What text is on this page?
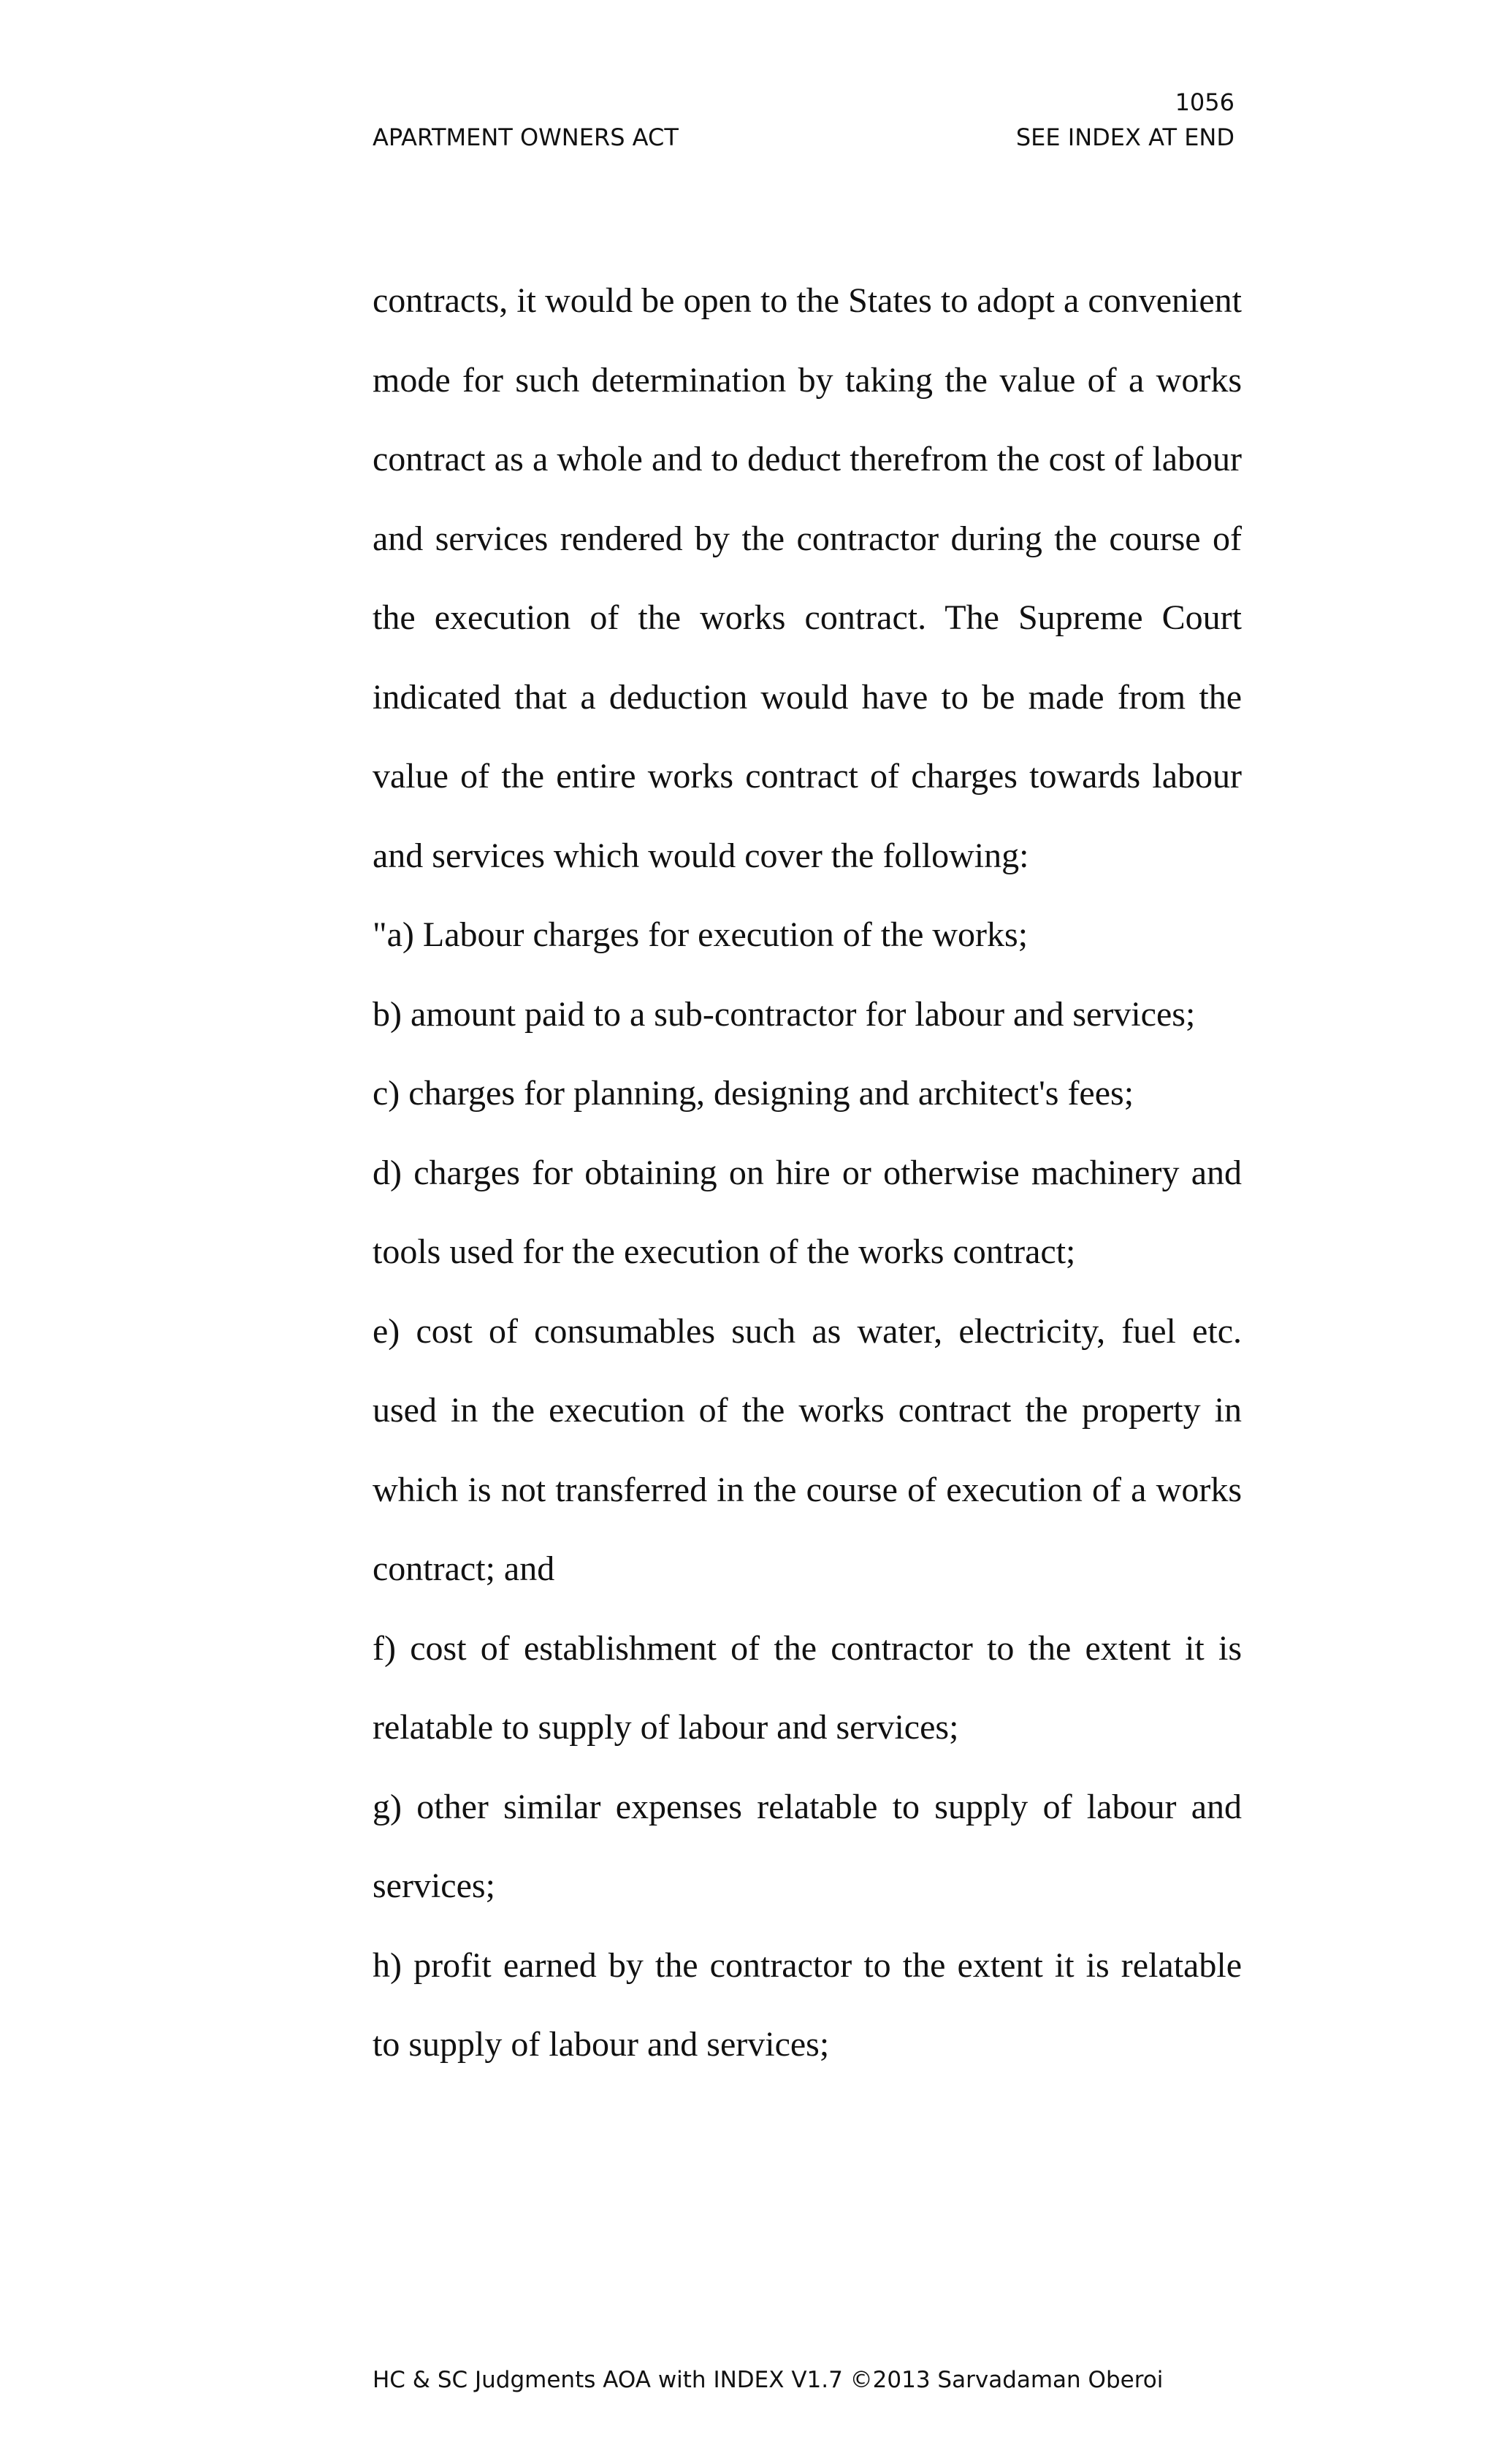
1056
APARTMENT OWNERS ACT	SEE INDEX AT END

contracts, it would be open to the States to adopt a convenient mode for such determination by taking the value of a works contract as a whole and to deduct therefrom the cost of labour and services rendered by the contractor during the course of the execution of the works contract. The Supreme Court indicated that a deduction would have to be made from the value of the entire works contract of charges towards labour and services which would cover the following:

"a) Labour charges for execution of the works;

b) amount paid to a sub-contractor for labour and services;

c) charges for planning, designing and architect's fees;

d) charges for obtaining on hire or otherwise machinery and tools used for the execution of the works contract;

e) cost of consumables such as water, electricity, fuel etc. used in the execution of the works contract the property in which is not transferred in the course of execution of a works contract; and

f) cost of establishment of the contractor to the extent it is relatable to supply of labour and services;

g) other similar expenses relatable to supply of labour and services;

h) profit earned by the contractor to the extent it is relatable to supply of labour and services;

HC & SC Judgments AOA with INDEX V1.7 ©2013 Sarvadaman Oberoi
